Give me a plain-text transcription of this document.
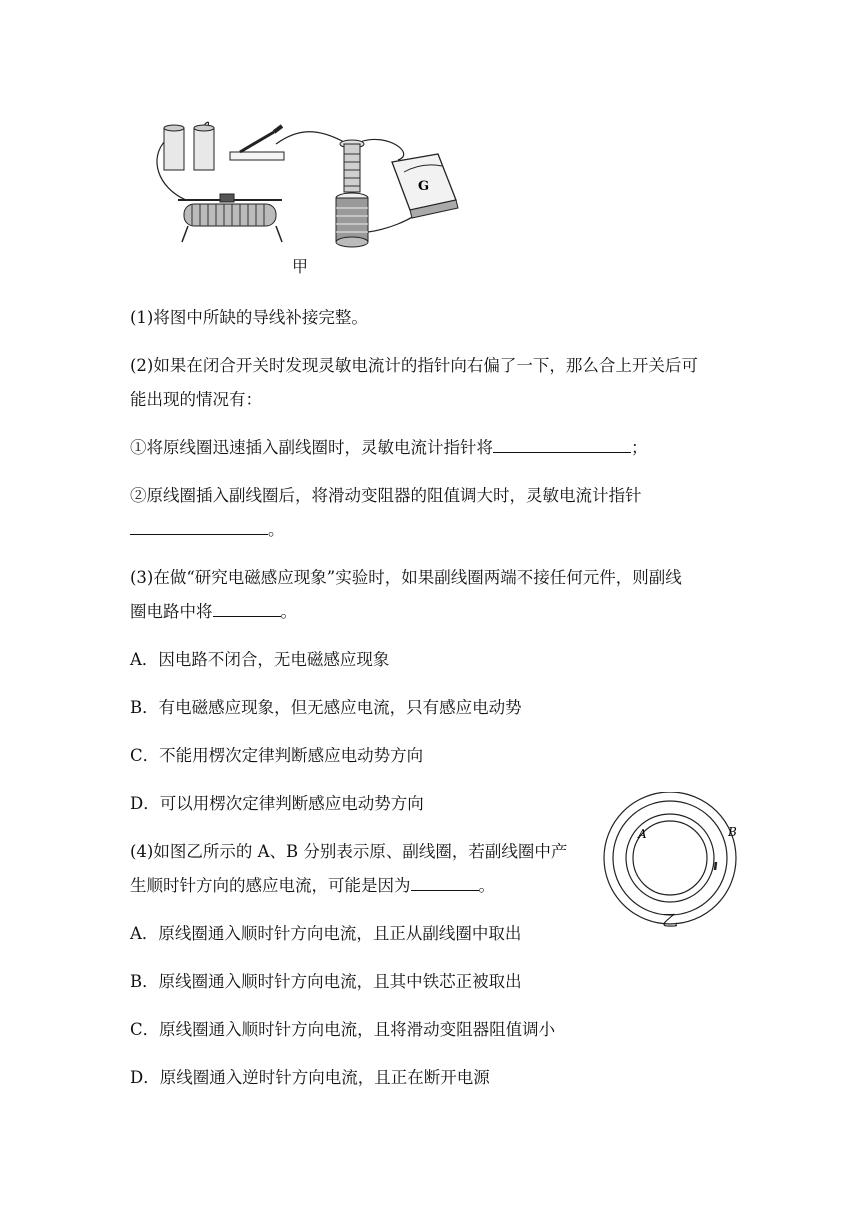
G
甲
(1)将图中所缺的导线补接完整。
(2)如果在闭合开关时发现灵敏电流计的指针向右偏了一下，那么合上开关后可
能出现的情况有：
①将原线圈迅速插入副线圈时，灵敏电流计指针将	；
②原线圈插入副线圈后，将滑动变阻器的阻值调大时，灵敏电流计指针
。
(3)在做“研究电磁感应现象”实验时，如果副线圈两端不接任何元件，则副线
圈电路中将	。
A．因电路不闭合，无电磁感应现象
B．有电磁感应现象，但无感应电流，只有感应电动势
C．不能用楞次定律判断感应电动势方向
D．可以用楞次定律判断感应电动势方向
(4)如图乙所示的 A、B 分别表示原、副线圈，若副线圈中产
生顺时针方向的感应电流，可能是因为	。
A．原线圈通入顺时针方向电流，且正从副线圈中取出
B．原线圈通入顺时针方向电流，且其中铁芯正被取出
C．原线圈通入顺时针方向电流，且将滑动变阻器阻值调小
D．原线圈通入逆时针方向电流，且正在断开电源
A	B
乙
